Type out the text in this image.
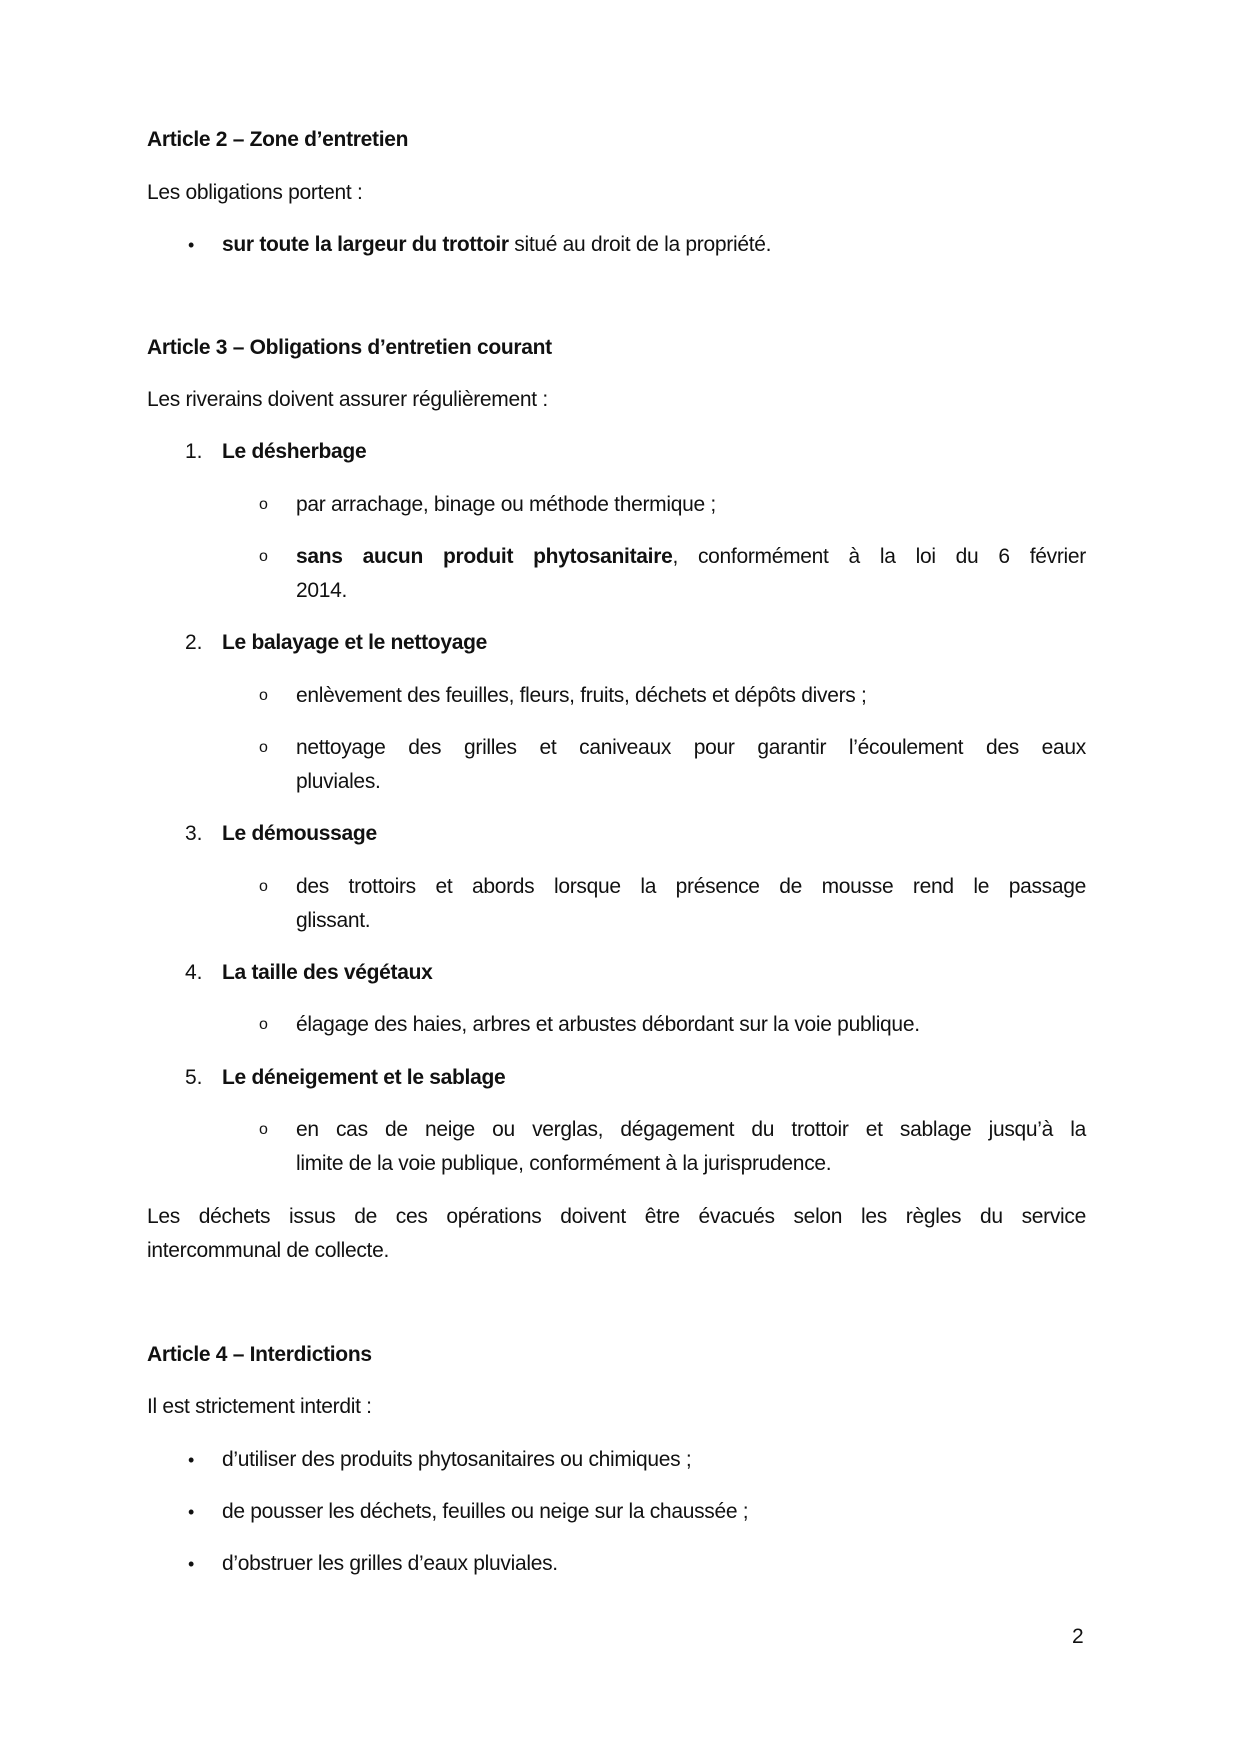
Article 2 – Zone d’entretien
Les obligations portent :
• sur toute la largeur du trottoir situé au droit de la propriété.
Article 3 – Obligations d’entretien courant
Les riverains doivent assurer régulièrement :
1. Le désherbage
o par arrachage, binage ou méthode thermique ;
o sans aucun produit phytosanitaire, conformément à la loi du 6 février
2014.
2. Le balayage et le nettoyage
o enlèvement des feuilles, fleurs, fruits, déchets et dépôts divers ;
o nettoyage des grilles et caniveaux pour garantir l’écoulement des eaux
pluviales.
3. Le démoussage
o des trottoirs et abords lorsque la présence de mousse rend le passage
glissant.
4. La taille des végétaux
o élagage des haies, arbres et arbustes débordant sur la voie publique.
5. Le déneigement et le sablage
o en cas de neige ou verglas, dégagement du trottoir et sablage jusqu’à la
limite de la voie publique, conformément à la jurisprudence.
Les déchets issus de ces opérations doivent être évacués selon les règles du service
intercommunal de collecte.
Article 4 – Interdictions
Il est strictement interdit :
• d’utiliser des produits phytosanitaires ou chimiques ;
• de pousser les déchets, feuilles ou neige sur la chaussée ;
• d’obstruer les grilles d’eaux pluviales.
2
